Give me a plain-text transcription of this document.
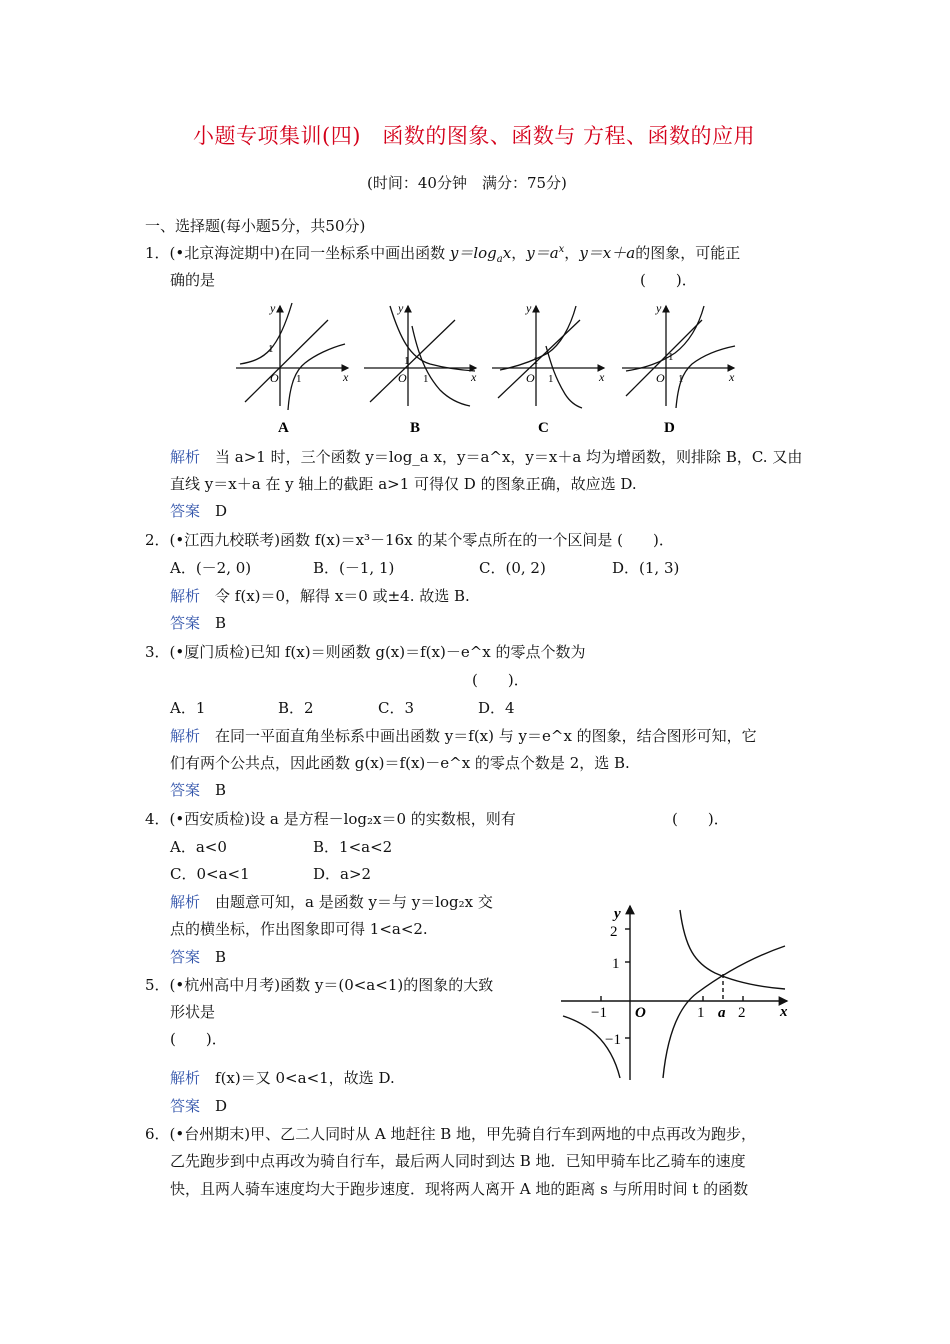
小题专项集训(四)　函数的图象、函数与 方程、函数的应用
(时间：40分钟　满分：75分)
一、选择题(每小题5分，共50分)
1．(•北京海淀期中)在同一坐标系中画出函数 $y=\log_ax$，$y=a^x$，y＝x＋a的图象，可能正
确的是	(　　)．
y
x
O
1
1
A
y
x
O
1
1
B
y
x
O
1
1
C
y
x
O
1
1
D
解析　 当 a>1 时，三个函数 y＝log_a x，y＝a^x，y＝x＋a 均为增函数，则排除 B，C. 又由
直线 y＝x＋a 在 y 轴上的截距 a>1 可得仅 D 的图象正确，故应选 D.
答案　 D
2．(•江西九校联考)函数 f(x)＝x³－16x 的某个零点所在的一个区间是 (　　)．
A．(－2, 0)	B．(－1, 1)	C．(0, 2)	D．(1, 3)
解析　 令 f(x)＝0，解得 x＝0 或±4. 故选 B.
答案　 B
3．(•厦门质检)已知 f(x)＝则函数 g(x)＝f(x)－e^x 的零点个数为
(　　)．
A．1	B．2	C．3	D．4
解析　 在同一平面直角坐标系中画出函数 y＝f(x) 与 y＝e^x 的图象，结合图形可知，它
们有两个公共点，因此函数 g(x)＝f(x)－e^x 的零点个数是 2，选 B.
答案　 B
4．(•西安质检)设 a 是方程－log₂x＝0 的实数根，则有	(　　)．
A．a<0	B．1<a<2
C．0<a<1	D．a>2
解析　 由题意可知，a 是函数 y＝与 y＝log₂x 交
点的横坐标，作出图象即可得 1<a<2.
答案　 B
y
x
O
2
1
−1
−1	1 a 2
5．(•杭州高中月考)函数 y＝(0<a<1)的图象的大致
形状是
(　　)．
解析　 f(x)＝又 0<a<1，故选 D.
答案　 D
6．(•台州期末)甲、乙二人同时从 A 地赶往 B 地，甲先骑自行车到两地的中点再改为跑步，
乙先跑步到中点再改为骑自行车，最后两人同时到达 B 地．已知甲骑车比乙骑车的速度
快，且两人骑车速度均大于跑步速度．现将两人离开 A 地的距离 s 与所用时间 t 的函数
